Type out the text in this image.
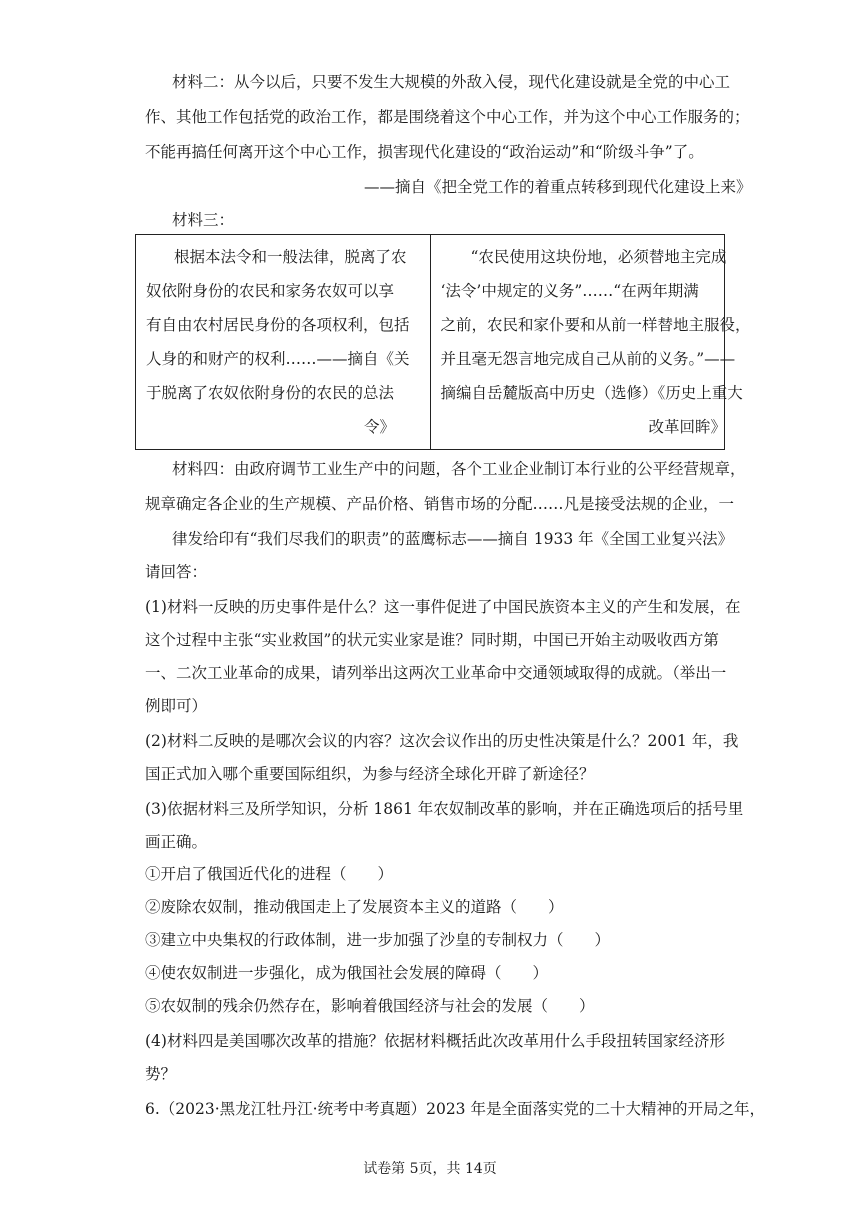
材料二：从今以后，只要不发生大规模的外敌入侵，现代化建设就是全党的中心工
作、其他工作包括党的政治工作，都是围绕着这个中心工作，并为这个中心工作服务的；
不能再搞任何离开这个中心工作，损害现代化建设的“政治运动”和“阶级斗争”了。
——摘自《把全党工作的着重点转移到现代化建设上来》
材料三：
根据本法令和一般法律，脱离了农
奴依附身份的农民和家务农奴可以享
有自由农村居民身份的各项权利，包括
人身的和财产的权利……——摘自《关
于脱离了农奴依附身份的农民的总法
令》

“农民使用这块份地，必须替地主完成
‘法令’中规定的义务”……“在两年期满
之前，农民和家仆要和从前一样替地主服役，
并且毫无怨言地完成自己从前的义务。”——
摘编自岳麓版高中历史（选修）《历史上重大
改革回眸》
材料四：由政府调节工业生产中的问题，各个工业企业制订本行业的公平经营规章，
规章确定各企业的生产规模、产品价格、销售市场的分配……凡是接受法规的企业，一
律发给印有“我们尽我们的职责”的蓝鹰标志——摘自 1933 年《全国工业复兴法》
请回答：
(1)材料一反映的历史事件是什么？这一事件促进了中国民族资本主义的产生和发展，在
这个过程中主张“实业救国”的状元实业家是谁？同时期，中国已开始主动吸收西方第
一、二次工业革命的成果，请列举出这两次工业革命中交通领域取得的成就。（举出一
例即可）
(2)材料二反映的是哪次会议的内容？这次会议作出的历史性决策是什么？2001 年，我
国正式加入哪个重要国际组织，为参与经济全球化开辟了新途径？
(3)依据材料三及所学知识，分析 1861 年农奴制改革的影响，并在正确选项后的括号里
画正确。
①开启了俄国近代化的进程（　　）
②废除农奴制，推动俄国走上了发展资本主义的道路（　　）
③建立中央集权的行政体制，进一步加强了沙皇的专制权力（　　）
④使农奴制进一步强化，成为俄国社会发展的障碍（　　）
⑤农奴制的残余仍然存在，影响着俄国经济与社会的发展（　　）
(4)材料四是美国哪次改革的措施？依据材料概括此次改革用什么手段扭转国家经济形
势？
6.（2023·黑龙江牡丹江·统考中考真题）2023 年是全面落实党的二十大精神的开局之年，
试卷第 5页，共 14页
